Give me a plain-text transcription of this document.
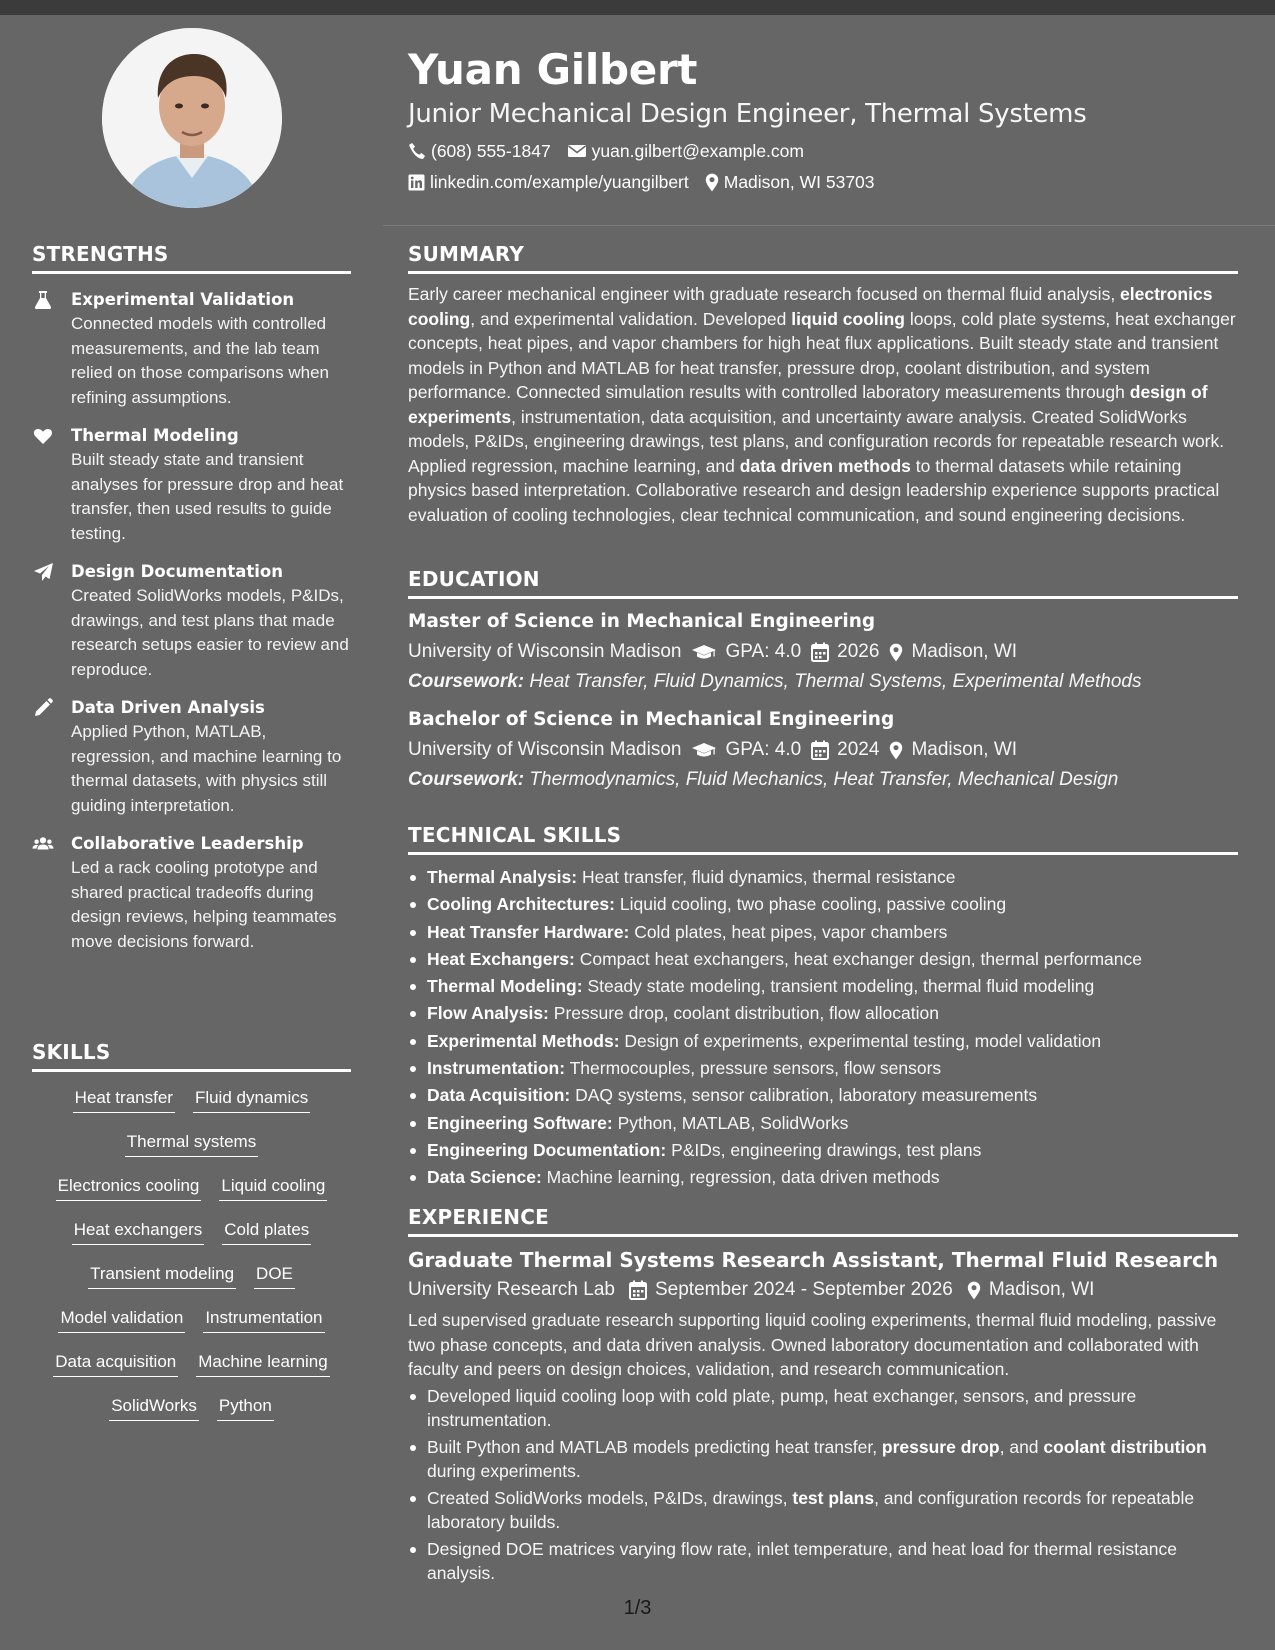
STRENGTHS
Experimental Validation
Connected models with controlled measurements, and the lab team relied on those comparisons when refining assumptions.
Thermal Modeling
Built steady state and transient analyses for pressure drop and heat transfer, then used results to guide testing.
Design Documentation
Created SolidWorks models, P&IDs, drawings, and test plans that made research setups easier to review and reproduce.
Data Driven Analysis
Applied Python, MATLAB, regression, and machine learning to thermal datasets, with physics still guiding interpretation.
Collaborative Leadership
Led a rack cooling prototype and shared practical tradeoffs during design reviews, helping teammates move decisions forward.
SKILLS
Heat transfer Fluid dynamics
Thermal systems
Electronics cooling Liquid cooling
Heat exchangers Cold plates
Transient modeling DOE
Model validation Instrumentation
Data acquisition Machine learning
SolidWorks Python
Yuan Gilbert
Junior Mechanical Design Engineer, Thermal Systems
(608) 555-1847 yuan.gilbert@example.com
linkedin.com/example/yuangilbert Madison, WI 53703
SUMMARY
Early career mechanical engineer with graduate research focused on thermal fluid analysis, electronics cooling, and experimental validation. Developed liquid cooling loops, cold plate systems, heat exchanger concepts, heat pipes, and vapor chambers for high heat flux applications. Built steady state and transient models in Python and MATLAB for heat transfer, pressure drop, coolant distribution, and system performance. Connected simulation results with controlled laboratory measurements through design of experiments, instrumentation, data acquisition, and uncertainty aware analysis. Created SolidWorks models, P&IDs, engineering drawings, test plans, and configuration records for repeatable research work. Applied regression, machine learning, and data driven methods to thermal datasets while retaining physics based interpretation. Collaborative research and design leadership experience supports practical evaluation of cooling technologies, clear technical communication, and sound engineering decisions.
EDUCATION
Master of Science in Mechanical Engineering
University of Wisconsin Madison GPA: 4.0 2026 Madison, WI
Coursework: Heat Transfer, Fluid Dynamics, Thermal Systems, Experimental Methods
Bachelor of Science in Mechanical Engineering
University of Wisconsin Madison GPA: 4.0 2024 Madison, WI
Coursework: Thermodynamics, Fluid Mechanics, Heat Transfer, Mechanical Design
TECHNICAL SKILLS
Thermal Analysis: Heat transfer, fluid dynamics, thermal resistance
Cooling Architectures: Liquid cooling, two phase cooling, passive cooling
Heat Transfer Hardware: Cold plates, heat pipes, vapor chambers
Heat Exchangers: Compact heat exchangers, heat exchanger design, thermal performance
Thermal Modeling: Steady state modeling, transient modeling, thermal fluid modeling
Flow Analysis: Pressure drop, coolant distribution, flow allocation
Experimental Methods: Design of experiments, experimental testing, model validation
Instrumentation: Thermocouples, pressure sensors, flow sensors
Data Acquisition: DAQ systems, sensor calibration, laboratory measurements
Engineering Software: Python, MATLAB, SolidWorks
Engineering Documentation: P&IDs, engineering drawings, test plans
Data Science: Machine learning, regression, data driven methods
EXPERIENCE
Graduate Thermal Systems Research Assistant, Thermal Fluid Research
University Research Lab September 2024 - September 2026 Madison, WI
Led supervised graduate research supporting liquid cooling experiments, thermal fluid modeling, passive two phase concepts, and data driven analysis. Owned laboratory documentation and collaborated with faculty and peers on design choices, validation, and research communication.
Developed liquid cooling loop with cold plate, pump, heat exchanger, sensors, and pressure instrumentation.
Built Python and MATLAB models predicting heat transfer, pressure drop, and coolant distribution during experiments.
Created SolidWorks models, P&IDs, drawings, test plans, and configuration records for repeatable laboratory builds.
Designed DOE matrices varying flow rate, inlet temperature, and heat load for thermal resistance analysis.
1/3
